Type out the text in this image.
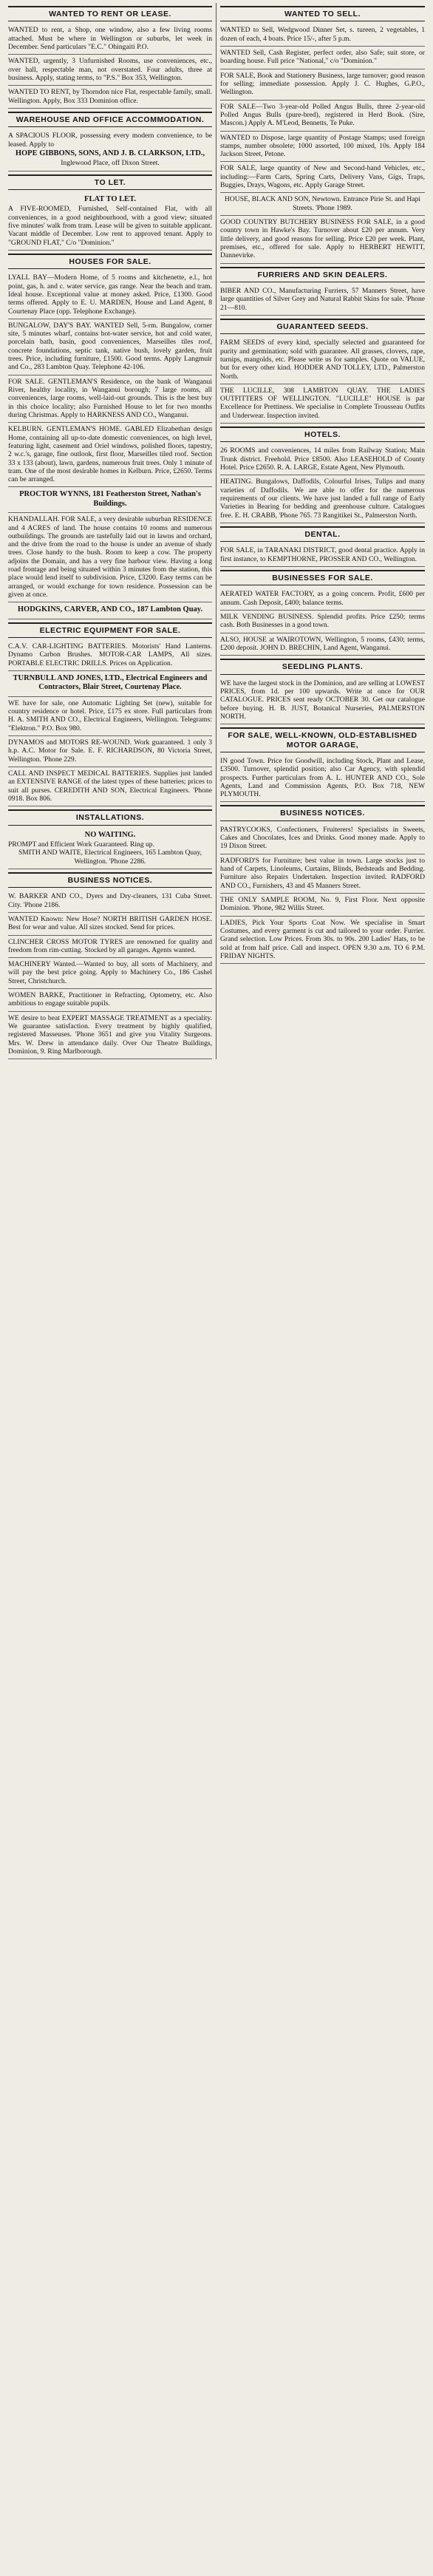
WANTED TO RENT OR LEASE.

WANTED to rent, a Shop, one window, also a few living rooms attached. Must be where in Wellington or suburbs, let week in December. Send particulars "E.C." Ohingaiti P.O.

WANTED, urgently, 3 Unfurnished Rooms, use conveniences, etc., over hall, respectable man, not overstated. Four adults, three at business. Apply, stating terms, to "P.S." Box 353, Wellington.

WANTED TO RENT, by Thorndon nice Flat, respectable family, small. Wellington. Apply, Box 333 Dominion office.

WAREHOUSE AND OFFICE ACCOMMODATION.

A SPACIOUS FLOOR, possessing every modern convenience, to be leased. Apply to

HOPE GIBBONS, SONS, AND J. B. CLARKSON, LTD.,

Inglewood Place, off Dixon Street.

TO LET.

FLAT TO LET.

A FIVE-ROOMED, Furnished, Self-contained Flat, with all conveniences, in a good neighbourhood, with a good view; situated five minutes' walk from tram. Lease will be given to suitable applicant. Vacant middle of December. Low rent to approved tenant. Apply to "GROUND FLAT," C/o "Dominion."

HOUSES FOR SALE.

LYALL BAY—Modern Home, of 5 rooms and kitchenette, e.l., hot point, gas, h. and c. water service, gas range. Near the beach and tram. Ideal house. Exceptional value at money asked. Price, £1300. Good terms offered. Apply to E. U. MARDEN, House and Land Agent, 8 Courtenay Place (opp. Telephone Exchange).

BUNGALOW, DAY'S BAY. WANTED Sell, 5-rm. Bungalow, corner site, 5 minutes wharf, contains hot-water service, hot and cold water, porcelain bath, basin, good conveniences, Marseilles tiles roof, concrete foundations, septic tank, native bush, lovely garden, fruit trees. Price, including furniture, £1500. Good terms. Apply Langmuir and Co., 283 Lambton Quay. Telephone 42-106.

FOR SALE. GENTLEMAN'S Residence, on the bank of Wanganui River, healthy locality, in Wanganui borough; 7 large rooms, all conveniences, large rooms, well-laid-out grounds. This is the best buy in this choice locality; also Furnished House to let for two months during Christmas. Apply to HARKNESS AND CO., Wanganui.

KELBURN. GENTLEMAN'S HOME. GABLED Elizabethan design Home, containing all up-to-date domestic conveniences, on high level, featuring light, casement and Oriel windows, polished floors, tapestry, 2 w.c.'s, garage, fine outlook, first floor, Marseilles tiled roof. Section 33 x 133 (about), lawn, gardens, numerous fruit trees. Only 1 minute of tram. One of the most desirable homes in Kelburn. Price, £2650. Terms can be arranged.

PROCTOR WYNNS, 181 Featherston Street, Nathan's Buildings.

KHANDALLAH. FOR SALE, a very desirable suburban RESIDENCE and 4 ACRES of land. The house contains 10 rooms and numerous outbuildings. The grounds are tastefully laid out in lawns and orchard, and the drive from the road to the house is under an avenue of shady trees. Close handy to the bush. Room to keep a cow. The property adjoins the Domain, and has a very fine harbour view. Having a long road frontage and being situated within 3 minutes from the station, this place would lend itself to subdivision. Price, £3200. Easy terms can be arranged, or would exchange for town residence. Possession can be given at once.

HODGKINS, CARVER, AND CO., 187 Lambton Quay.

ELECTRIC EQUIPMENT FOR SALE.

C.A.V. CAR-LIGHTING BATTERIES. Motorists' Hand Lanterns. Dynamo Carbon Brushes. MOTOR-CAR LAMPS, All sizes. PORTABLE ELECTRIC DRILLS. Prices on Application.

TURNBULL AND JONES, LTD., Electrical Engineers and Contractors, Blair Street, Courtenay Place.

WE have for sale, one Automatic Lighting Set (new), suitable for country residence or hotel. Price, £175 ex store. Full particulars from H. A. SMITH AND CO., Electrical Engineers, Wellington. Telegrams: "Elektron." P.O. Box 980.

DYNAMOS and MOTORS RE-WOUND. Work guaranteed. 1 only 3 h.p. A.C. Motor for Sale. E. F. RICHARDSON, 80 Victoria Street, Wellington. 'Phone 229.

CALL AND INSPECT MEDICAL BATTERIES. Supplies just landed an EXTENSIVE RANGE of the latest types of these batteries; prices to suit all purses. CEREDITH AND SON, Electrical Engineers. 'Phone 0918. Box 806.

INSTALLATIONS.

NO WAITING.

PROMPT and Efficient Work Guaranteed. Ring up.

SMITH AND WAITE, Electrical Engineers, 165 Lambton Quay, Wellington. 'Phone 2286.

BUSINESS NOTICES.

W. BARKER AND CO., Dyers and Dry-cleaners, 131 Cuba Street. City. 'Phone 2186.

WANTED Known: New Hose? NORTH BRITISH GARDEN HOSE. Best for wear and value. All sizes stocked. Send for prices.

CLINCHER CROSS MOTOR TYRES are renowned for quality and freedom from rim-cutting. Stocked by all garages. Agents wanted.

MACHINERY Wanted.—Wanted to buy, all sorts of Machinery, and will pay the best price going. Apply to Machinery Co., 186 Cashel Street, Christchurch.

WOMEN BARKE, Practitioner in Refracting, Optometry, etc. Also ambitious to engage suitable pupils.

WE desire to beat EXPERT MASSAGE TREATMENT as a speciality. We guarantee satisfaction. Every treatment by highly qualified, registered Masseuses. 'Phone 3651 and give you Vitality Surgeons. Mrs. W. Drew in attendance daily. Over Our Theatre Buildings, Dominion, 9. Ring Marlborough.

WANTED TO SELL.

WANTED to Sell, Wedgwood Dinner Set, s. tureen, 2 vegetables, 1 dozen of each, 4 boats. Price 15/-, after 5 p.m.

WANTED Sell, Cash Register, perfect order, also Safe; suit store, or boarding house. Full price "National," c/o "Dominion."

FOR SALE, Book and Stationery Business, large turnover; good reason for selling; immediate possession. Apply J. C. Hughes, G.P.O., Wellington.

FOR SALE—Two 3-year-old Polled Angus Bulls, three 2-year-old Polled Angus Bulls (pure-bred), registered in Herd Book. (Sire, Mascon.) Apply A. M'Leod, Bennetts, Te Puke.

WANTED to Dispose, large quantity of Postage Stamps; used foreign stamps, number obsolete; 1000 assorted, 100 mixed, 10s. Apply 184 Jackson Street, Petone.

FOR SALE, large quantity of New and Second-hand Vehicles, etc., including:—Farm Carts, Spring Carts, Delivery Vans, Gigs, Traps, Buggies, Drays, Wagons, etc. Apply Garage Street.

HOUSE, BLACK AND SON, Newtown. Entrance Pirie St. and Hapi Streets. 'Phone 1989.

GOOD COUNTRY BUTCHERY BUSINESS FOR SALE, in a good country town in Hawke's Bay. Turnover about £20 per annum. Very little delivery, and good reasons for selling. Price £20 per week. Plant, premises, etc., offered for sale. Apply to HERBERT HEWITT, Dannevirke.

FURRIERS AND SKIN DEALERS.

BIBER AND CO., Manufacturing Furriers, 57 Manners Street, have large quantities of Silver Grey and Natural Rabbit Skins for sale. 'Phone 21—810.

GUARANTEED SEEDS.

FARM SEEDS of every kind, specially selected and guaranteed for purity and germination; sold with guarantee. All grasses, clovers, rape, turnips, mangolds, etc. Please write us for samples. Quote on VALUE, but for every other kind. HODDER AND TOLLEY, LTD., Palmerston North.

THE LUCILLE, 308 LAMBTON QUAY. THE LADIES OUTFITTERS OF WELLINGTON. "LUCILLE" HOUSE is par Excellence for Prettiness. We specialise in Complete Trousseau Outfits and Underwear. Inspection invited.

HOTELS.

26 ROOMS and conveniences, 14 miles from Railway Station; Main Trunk district. Freehold. Price £8500. Also LEASEHOLD of County Hotel. Price £2650. R. A. LARGE, Estate Agent, New Plymouth.

HEATING. Bungalows, Daffodils, Colourful Irises, Tulips and many varieties of Daffodils. We are able to offer for the numerous requirements of our clients. We have just landed a full range of Early Varieties in Bearing for bedding and greenhouse culture. Catalogues free. E. H. CRABB, 'Phone 765. 73 Rangitikei St., Palmerston North.

DENTAL.

FOR SALE, in TARANAKI DISTRICT, good dental practice. Apply in first instance, to KEMPTHORNE, PROSSER AND CO., Wellington.

BUSINESSES FOR SALE.

AERATED WATER FACTORY, as a going concern. Profit, £600 per annum. Cash Deposit, £400; balance terms.

MILK VENDING BUSINESS. Splendid profits. Price £250; terms cash. Both Businesses in a good town.

ALSO, HOUSE at WAIROTOWN, Wellington, 5 rooms, £430; terms, £200 deposit. JOHN D. BRECHIN, Land Agent, Wanganui.

SEEDLING PLANTS.

WE have the largest stock in the Dominion, and are selling at LOWEST PRICES, from 1d. per 100 upwards. Write at once for OUR CATALOGUE. PRICES sent ready OCTOBER 30. Get our catalogue before buying. H. B. JUST, Botanical Nurseries, PALMERSTON NORTH.

FOR SALE, WELL-KNOWN, OLD-ESTABLISHED MOTOR GARAGE,

IN good Town. Price for Goodwill, including Stock, Plant and Lease, £3500. Turnover, splendid position; also Car Agency, with splendid prospects. Further particulars from A. L. HUNTER AND CO., Sole Agents, Land and Commission Agents, P.O. Box 718, NEW PLYMOUTH.

BUSINESS NOTICES.

PASTRYCOOKS, Confectioners, Fruiterers! Specialists in Sweets, Cakes and Chocolates, Ices and Drinks. Good money made. Apply to 19 Dixon Street.

RADFORD'S for Furniture; best value in town. Large stocks just to hand of Carpets, Linoleums, Curtains, Blinds, Bedsteads and Bedding. Furniture also Repairs Undertaken. Inspection invited. RADFORD AND CO., Furnishers, 43 and 45 Manners Street.

THE ONLY SAMPLE ROOM, No. 9, First Floor. Next opposite Dominion. 'Phone, 982 Willis Street.

LADIES, Pick Your Sports Coat Now. We specialise in Smart Costumes, and every garment is cut and tailored to your order. Furrier. Grand selection. Low Prices. From 30s. to 90s. 200 Ladies' Hats, to be sold at from half price. Call and inspect. OPEN 9.30 a.m. TO 6 P.M. FRIDAY NIGHTS.
